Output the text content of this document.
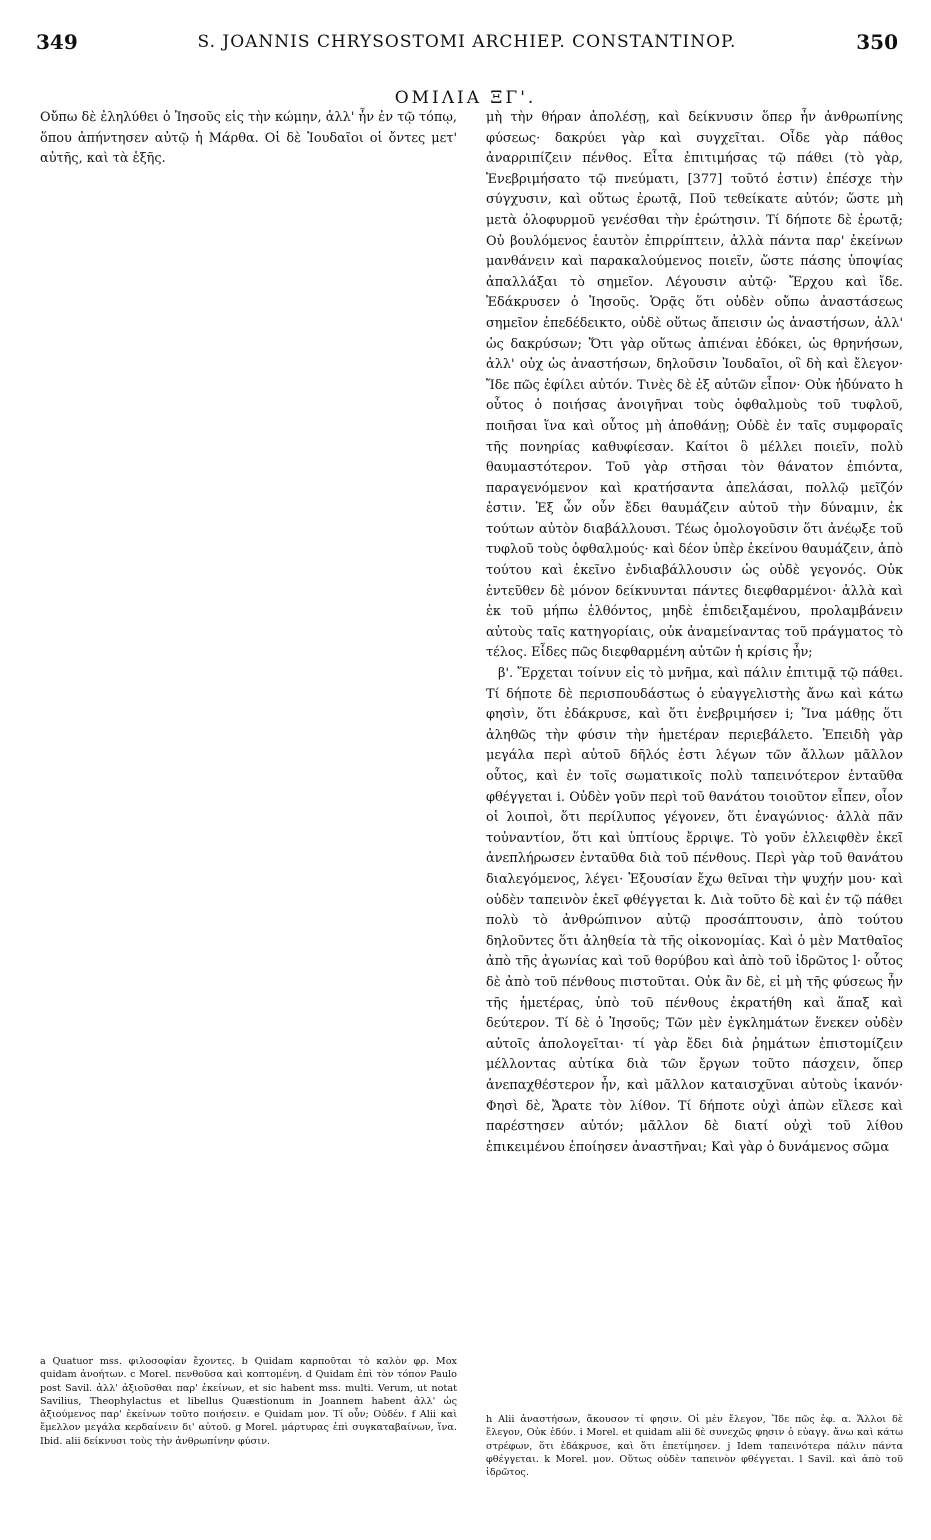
349	S. JOANNIS CHRYSOSTOMI ARCHIEP. CONSTANTINOP.	350
ΟΜΙΛΙΑ ΞΓ'.

Οὔπω δὲ ἐληλύθει ὁ Ἰησοῦς εἰς τὴν κώμην, ἀλλ' ἦν ἐν τῷ τόπῳ, ὅπου ἀπήντησεν αὐτῷ ἡ Μάρθα. Οἱ δὲ Ἰουδαῖοι οἱ ὄντες μετ' αὐτῆς, καὶ τὰ ἑξῆς.

μὴ τὴν θήραν ἀπολέσῃ, καὶ δείκνυσιν ὅπερ ἦν ἀνθρωπίνης φύσεως· δακρύει γὰρ καὶ συγχεῖται. Οἶδε γὰρ πάθος ἀναρριπίζειν πένθος. Εἶτα ἐπιτιμήσας τῷ πάθει (τὸ γὰρ, Ἐνεβριμήσατο τῷ πνεύματι, [377] τοῦτό ἐστιν) ἐπέσχε τὴν σύγχυσιν, καὶ οὕτως ἐρωτᾷ, Ποῦ τεθείκατε αὐτόν; ὥστε μὴ μετὰ ὀλοφυρμοῦ γενέσθαι τὴν ἐρώτησιν. Τί δήποτε δὲ ἐρωτᾷ; Οὐ βουλόμενος ἑαυτὸν ἐπιρρίπτειν, ἀλλὰ πάντα παρ' ἐκείνων μανθάνειν καὶ παρακαλούμενος ποιεῖν, ὥστε πάσης ὑποψίας ἀπαλλάξαι τὸ σημεῖον. Λέγουσιν αὐτῷ· Ἔρχου καὶ ἴδε. Ἐδάκρυσεν ὁ Ἰησοῦς. Ὁρᾷς ὅτι οὐδὲν οὔπω ἀναστάσεως σημεῖον ἐπεδέδεικτο, οὐδὲ οὕτως ἄπεισιν ὡς ἀναστήσων, ἀλλ' ὡς δακρύσων; Ὅτι γὰρ οὕτως ἀπιέναι ἐδόκει, ὡς θρηνήσων, ἀλλ' οὐχ ὡς ἀναστήσων, δηλοῦσιν Ἰουδαῖοι, οἳ δὴ καὶ ἔλεγον· Ἴδε πῶς ἐφίλει αὐτόν. Τινὲς δὲ ἐξ αὐτῶν εἶπον· Οὐκ ἠδύνατο h οὗτος ὁ ποιήσας ἀνοιγῆναι τοὺς ὀφθαλμοὺς τοῦ τυφλοῦ, ποιῆσαι ἵνα καὶ οὗτος μὴ ἀποθάνῃ; Οὐδὲ ἐν ταῖς συμφοραῖς τῆς πονηρίας καθυφίεσαν. Καίτοι ὃ μέλλει ποιεῖν, πολὺ θαυμαστότερον. Τοῦ γὰρ στῆσαι τὸν θάνατον ἐπιόντα, παραγενόμενον καὶ κρατήσαντα ἀπελάσαι, πολλῷ μεῖζόν ἐστιν. Ἐξ ὧν οὖν ἔδει θαυμάζειν αὐτοῦ τὴν δύναμιν, ἐκ τούτων αὐτὸν διαβάλλουσι. Τέως ὁμολογοῦσιν ὅτι ἀνέῳξε τοῦ τυφλοῦ τοὺς ὀφθαλμούς· καὶ δέον ὑπὲρ ἐκείνου θαυμάζειν, ἀπὸ τούτου καὶ ἐκεῖνο ἐνδιαβάλλουσιν ὡς οὐδὲ γεγονός. Οὐκ ἐντεῦθεν δὲ μόνον δείκνυνται πάντες διεφθαρμένοι· ἀλλὰ καὶ ἐκ τοῦ μήπω ἐλθόντος, μηδὲ ἐπιδειξαμένου, προλαμβάνειν αὐτοὺς ταῖς κατηγορίαις, οὐκ ἀναμείναντας τοῦ πράγματος τὸ τέλος. Εἶδες πῶς διεφθαρμένη αὐτῶν ἡ κρίσις ἦν;

β'. Ἔρχεται τοίνυν εἰς τὸ μνῆμα, καὶ πάλιν ἐπιτιμᾷ τῷ πάθει. Τί δήποτε δὲ περισπουδάστως ὁ εὐαγγελιστὴς ἄνω καὶ κάτω φησὶν, ὅτι ἐδάκρυσε, καὶ ὅτι ἐνεβριμήσεν i; Ἵνα μάθῃς ὅτι ἀληθῶς τὴν φύσιν τὴν ἡμετέραν περιεβάλετο. Ἐπειδὴ γὰρ μεγάλα περὶ αὐτοῦ δῆλός ἐστι λέγων τῶν ἄλλων μᾶλλον οὗτος, καὶ ἐν τοῖς σωματικοῖς πολὺ ταπεινότερον ἐνταῦθα φθέγγεται i. Οὐδὲν γοῦν περὶ τοῦ θανάτου τοιοῦτον εἶπεν, οἷον οἱ λοιποὶ, ὅτι περίλυπος γέγονεν, ὅτι ἐναγώνιος· ἀλλὰ πᾶν τοὐναντίον, ὅτι καὶ ὑπτίους ἔρριψε. Τὸ γοῦν ἐλλειφθὲν ἐκεῖ ἀνεπλήρωσεν ἐνταῦθα διὰ τοῦ πένθους. Περὶ γὰρ τοῦ θανάτου διαλεγόμενος, λέγει· Ἐξουσίαν ἔχω θεῖναι τὴν ψυχήν μου· καὶ οὐδὲν ταπεινὸν ἐκεῖ φθέγγεται k. Διὰ τοῦτο δὲ καὶ ἐν τῷ πάθει πολὺ τὸ ἀνθρώπινον αὐτῷ προσάπτουσιν, ἀπὸ τούτου δηλοῦντες ὅτι ἀληθεία τὰ τῆς οἰκονομίας. Καὶ ὁ μὲν Ματθαῖος ἀπὸ τῆς ἀγωνίας καὶ τοῦ θορύβου καὶ ἀπὸ τοῦ ἱδρῶτος l· οὗτος δὲ ἀπὸ τοῦ πένθους πιστοῦται. Οὐκ ἂν δὲ, εἰ μὴ τῆς φύσεως ἦν τῆς ἡμετέρας, ὑπὸ τοῦ πένθους ἐκρατήθη καὶ ἅπαξ καὶ δεύτερον. Τί δὲ ὁ Ἰησοῦς; Τῶν μὲν ἐγκλημάτων ἕνεκεν οὐδὲν αὐτοῖς ἀπολογεῖται· τί γὰρ ἔδει διὰ ῥημάτων ἐπιστομίζειν μέλλοντας αὐτίκα διὰ τῶν ἔργων τοῦτο πάσχειν, ὅπερ ἀνεπαχθέστερον ἦν, καὶ μᾶλλον καταισχῦναι αὐτοὺς ἱκανόν· Φησὶ δὲ, Ἄρατε τὸν λίθον. Τί δήποτε οὐχὶ ἀπὼν εἴλεσε καὶ παρέστησεν αὐτόν; μᾶλλον δὲ διατί οὐχὶ τοῦ λίθου ἐπικειμένου ἐποίησεν ἀναστῆναι; Καὶ γὰρ ὁ δυνάμενος σῶμα

a Quatuor mss. φιλοσοφίαν ἔχοντες. b Quidam καρποῦται τὸ καλὸν φρ. Mox quidam ἀνοήτων. c Morel. πενθοῦσα καὶ κοπτομένη. d Quidam ἐπὶ τὸν τόπον Paulo post Savil. ἀλλ' ἀξιοῦσθαι παρ' ἐκείνων, et sic habent mss. multi. Verum, ut notat Savilius, Theophylactus et libellus Quæstionum in Joannem habent ἀλλ' ὡς ἀξιούμενος παρ' ἐκείνων τοῦτο ποιήσειν. e Quidam μον. Τί οὖν; Οὐδέν. f Alii καὶ ἔμελλον μεγάλα κερδαίνειν δι' αὐτοῦ. g Morel. μάρτυρας ἐπὶ συγκαταβαίνων, ἵνα. Ibid. alii δείκνυσι τοὺς τὴν ἀνθρωπίνην φύσιν.

h Alii ἀναστήσων, ἄκουσον τί φησιν. Οἱ μὲν ἔλεγον, Ἴδε πῶς ἐφ. α. Ἄλλοι δὲ ἔλεγον, Οὐκ ἐδύν. i Morel. et quidam alii δὲ συνεχῶς φησιν ὁ εὐαγγ. ἄνω καὶ κάτω στρέφων, ὅτι ἐδάκρυσε, καὶ ὅτι ἐπετίμησεν. j Idem ταπεινότερα πάλιν πάντα φθέγγεται. k Morel. μον. Οὕτως οὐδὲν ταπεινὸν φθέγγεται. l Savil. καὶ ἀπὸ τοῦ ἱδρῶτος.
